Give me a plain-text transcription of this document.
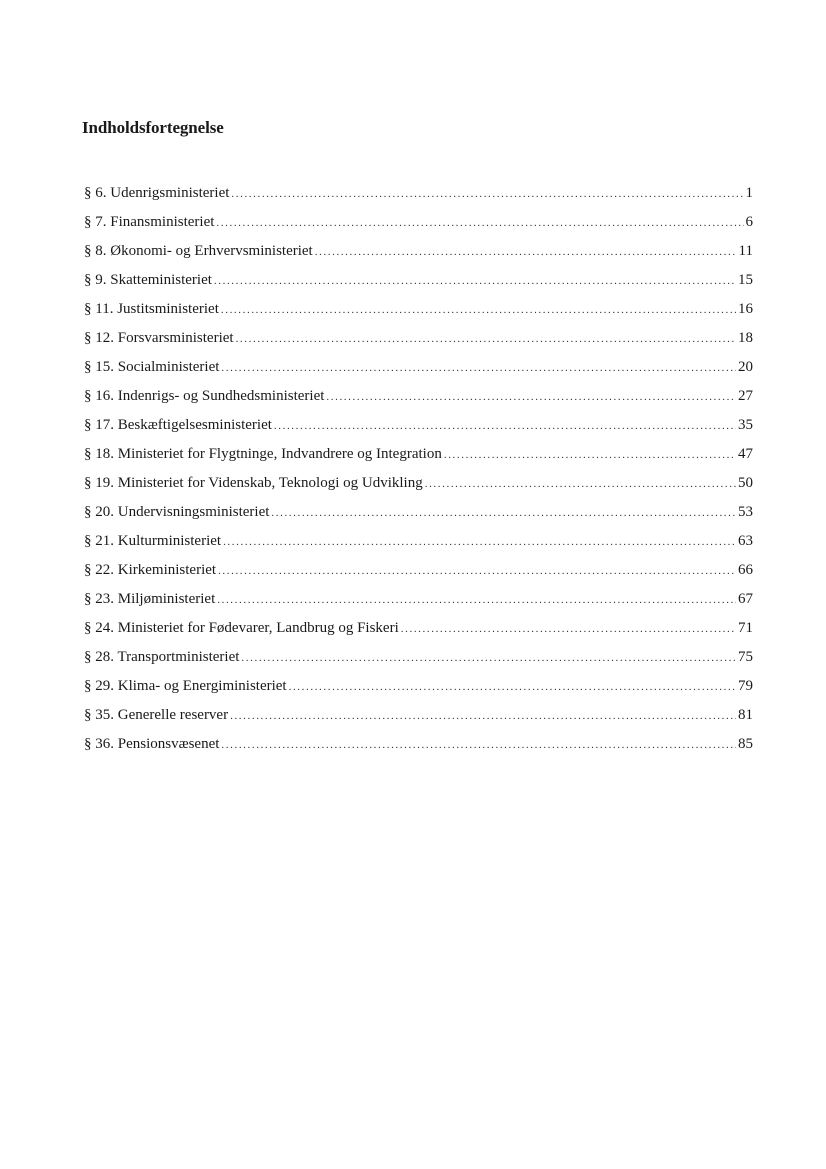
Indholdsfortegnelse
§ 6. Udenrigsministeriet .....	1
§ 7. Finansministeriet .....	6
§ 8. Økonomi- og Erhvervsministeriet .....	11
§ 9. Skatteministeriet .....	15
§ 11. Justitsministeriet .....	16
§ 12. Forsvarsministeriet .....	18
§ 15. Socialministeriet .....	20
§ 16. Indenrigs- og Sundhedsministeriet .....	27
§ 17. Beskæftigelsesministeriet .....	35
§ 18. Ministeriet for Flygtninge, Indvandrere og Integration .....	47
§ 19. Ministeriet for Videnskab, Teknologi og Udvikling .....	50
§ 20. Undervisningsministeriet .....	53
§ 21. Kulturministeriet .....	63
§ 22. Kirkeministeriet .....	66
§ 23. Miljøministeriet .....	67
§ 24. Ministeriet for Fødevarer, Landbrug og Fiskeri .....	71
§ 28. Transportministeriet .....	75
§ 29. Klima- og Energiministeriet .....	79
§ 35. Generelle reserver .....	81
§ 36. Pensionsvæsenet .....	85
